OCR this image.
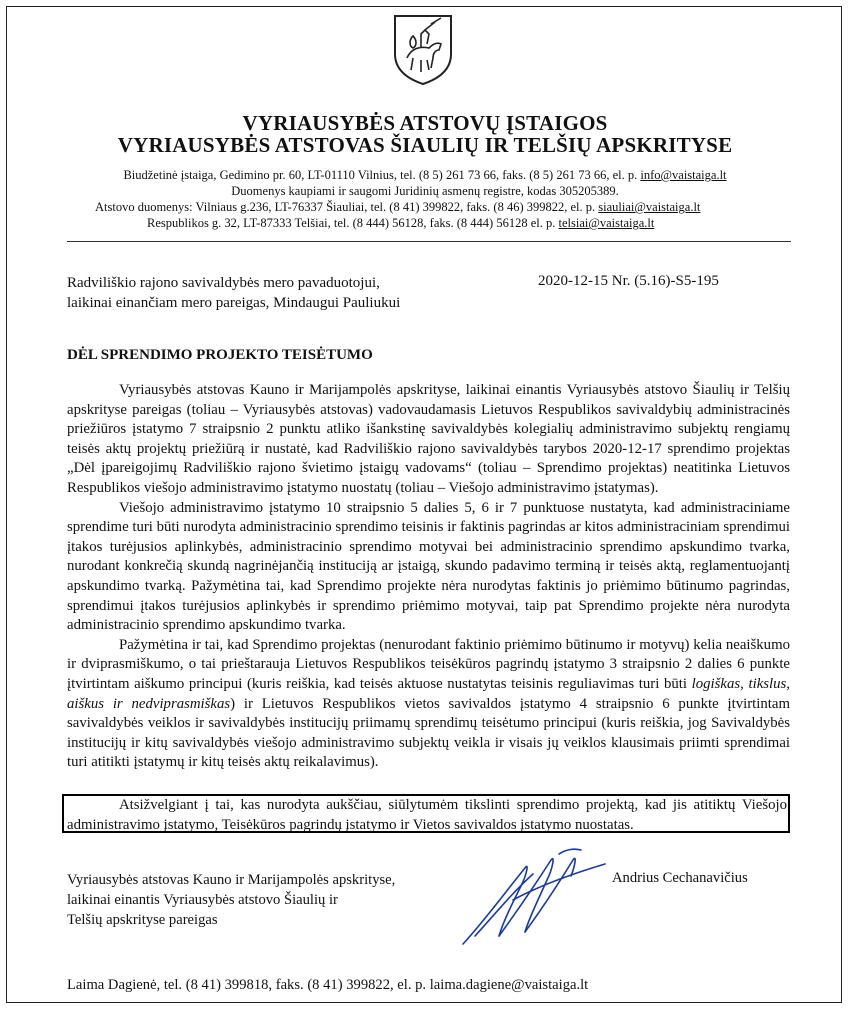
VYRIAUSYBĖS ATSTOVŲ ĮSTAIGOS
VYRIAUSYBĖS ATSTOVAS ŠIAULIŲ IR TELŠIŲ APSKRITYSE
Biudžetinė įstaiga, Gedimino pr. 60, LT-01110 Vilnius, tel. (8 5) 261 73 66, faks. (8 5) 261 73 66, el. p. info@vaistaiga.lt
Duomenys kaupiami ir saugomi Juridinių asmenų registre, kodas 305205389.
Atstovo duomenys: Vilniaus g.236, LT-76337 Šiauliai, tel. (8 41) 399822, faks. (8 46) 399822, el. p. siauliai@vaistaiga.lt
Respublikos g. 32, LT-87333 Telšiai, tel. (8 444) 56128, faks. (8 444) 56128 el. p. telsiai@vaistaiga.lt
Radviliškio rajono savivaldybės mero pavaduotojui,
laikinai einančiam mero pareigas, Mindaugui Pauliukui
2020-12-15 Nr. (5.16)-S5-195
DĖL SPRENDIMO PROJEKTO TEISĖTUMO

Vyriausybės atstovas Kauno ir Marijampolės apskrityse, laikinai einantis Vyriausybės atstovo Šiaulių ir Telšių apskrityse pareigas (toliau – Vyriausybės atstovas) vadovaudamasis Lietuvos Respublikos savivaldybių administracinės priežiūros įstatymo 7 straipsnio 2 punktu atliko išankstinę savivaldybės kolegialių administravimo subjektų rengiamų teisės aktų projektų priežiūrą ir nustatė, kad Radviliškio rajono savivaldybės tarybos 2020-12-17 sprendimo projektas „Dėl įpareigojimų Radviliškio rajono švietimo įstaigų vadovams“ (toliau – Sprendimo projektas) neatitinka Lietuvos Respublikos viešojo administravimo įstatymo nuostatų (toliau – Viešojo administravimo įstatymas).

Viešojo administravimo įstatymo 10 straipsnio 5 dalies 5, 6 ir 7 punktuose nustatyta, kad administraciniame sprendime turi būti nurodyta administracinio sprendimo teisinis ir faktinis pagrindas ar kitos administraciniam sprendimui įtakos turėjusios aplinkybės, administracinio sprendimo motyvai bei administracinio sprendimo apskundimo tvarka, nurodant konkrečią skundą nagrinėjančią instituciją ar įstaigą, skundo padavimo terminą ir teisės aktą, reglamentuojantį apskundimo tvarką. Pažymėtina tai, kad Sprendimo projekte nėra nurodytas faktinis jo priėmimo būtinumo pagrindas, sprendimui įtakos turėjusios aplinkybės ir sprendimo priėmimo motyvai, taip pat Sprendimo projekte nėra nurodyta administracinio sprendimo apskundimo tvarka.

Pažymėtina ir tai, kad Sprendimo projektas (nenurodant faktinio priėmimo būtinumo ir motyvų) kelia neaiškumo ir dviprasmiškumo, o tai prieštarauja Lietuvos Respublikos teisėkūros pagrindų įstatymo 3 straipsnio 2 dalies 6 punkte įtvirtintam aiškumo principui (kuris reiškia, kad teisės aktuose nustatytas teisinis reguliavimas turi būti logiškas, tikslus, aiškus ir nedviprasmiškas) ir Lietuvos Respublikos vietos savivaldos įstatymo 4 straipsnio 6 punkte įtvirtintam savivaldybės veiklos ir savivaldybės institucijų priimamų sprendimų teisėtumo principui (kuris reiškia, jog Savivaldybės institucijų ir kitų savivaldybės viešojo administravimo subjektų veikla ir visais jų veiklos klausimais priimti sprendimai turi atitikti įstatymų ir kitų teisės aktų reikalavimus).

Atsižvelgiant į tai, kas nurodyta aukščiau, siūlytumėm tikslinti sprendimo projektą, kad jis atitiktų Viešojo administravimo įstatymo, Teisėkūros pagrindų įstatymo ir Vietos savivaldos įstatymo nuostatas.

Vyriausybės atstovas Kauno ir Marijampolės apskrityse,
laikinai einantis Vyriausybės atstovo Šiaulių ir
Telšių apskrityse pareigas
Andrius Cechanavičius
Laima Dagienė, tel. (8 41) 399818, faks. (8 41) 399822, el. p. laima.dagiene@vaistaiga.lt
